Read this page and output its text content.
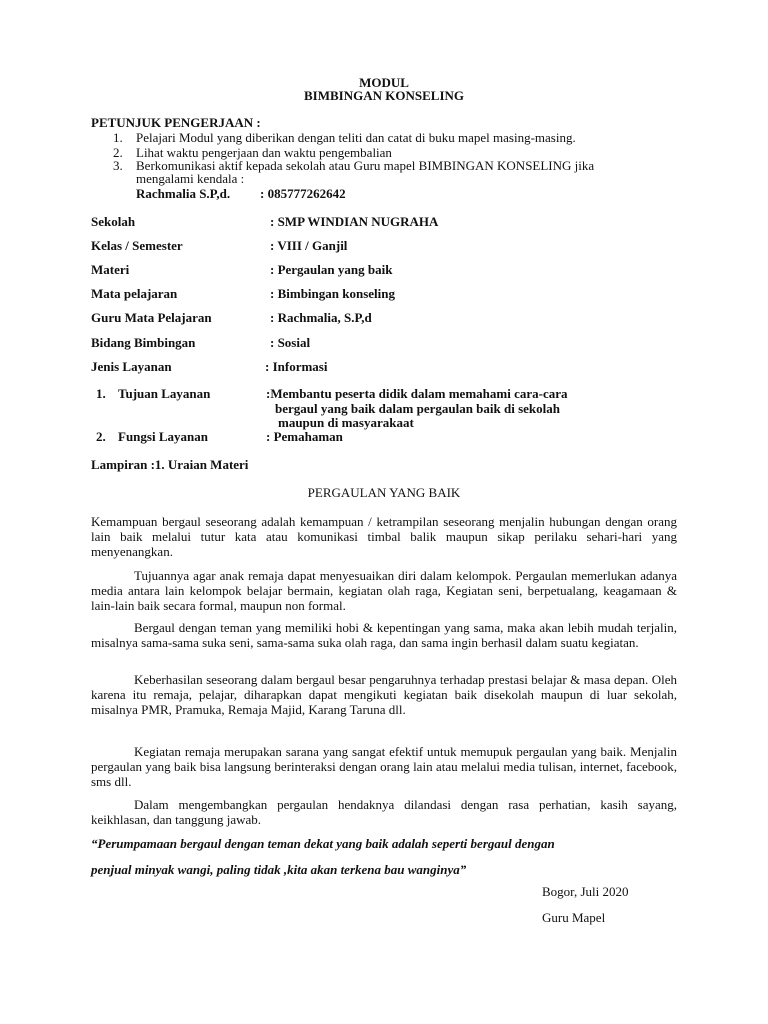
MODUL
BIMBINGAN KONSELING
PETUNJUK PENGERJAAN :
1. Pelajari Modul yang diberikan dengan teliti dan catat di buku mapel masing-masing.
2. Lihat waktu pengerjaan dan waktu pengembalian
3. Berkomunikasi aktif kepada sekolah atau Guru mapel BIMBINGAN KONSELING jika
mengalami kendala :
Rachmalia S.P,d. : 085777262642
Sekolah	: SMP WINDIAN NUGRAHA
Kelas / Semester	: VIII / Ganjil
Materi	: Pergaulan yang baik
Mata pelajaran	: Bimbingan konseling
Guru Mata Pelajaran	: Rachmalia, S.P,d
Bidang Bimbingan	: Sosial
Jenis Layanan	: Informasi
1. Tujuan Layanan	:Membantu peserta didik dalam memahami cara-cara
bergaul yang baik dalam pergaulan baik di sekolah
maupun di masyarakaat
2. Fungsi Layanan	: Pemahaman
Lampiran :1. Uraian Materi
PERGAULAN YANG BAIK
Kemampuan bergaul seseorang adalah kemampuan / ketrampilan seseorang menjalin hubungan dengan orang lain baik melalui tutur kata atau komunikasi timbal balik maupun sikap perilaku sehari-hari yang menyenangkan.
Tujuannya agar anak remaja dapat menyesuaikan diri dalam kelompok. Pergaulan memerlukan adanya media antara lain kelompok belajar bermain, kegiatan olah raga, Kegiatan seni, berpetualang, keagamaan & lain-lain baik secara formal, maupun non formal.
Bergaul dengan teman yang memiliki hobi & kepentingan yang sama, maka akan lebih mudah terjalin, misalnya sama-sama suka seni, sama-sama suka olah raga, dan sama ingin berhasil dalam suatu kegiatan.
Keberhasilan seseorang dalam bergaul besar pengaruhnya terhadap prestasi belajar & masa depan. Oleh karena itu remaja, pelajar, diharapkan dapat mengikuti kegiatan baik disekolah maupun di luar sekolah, misalnya PMR, Pramuka, Remaja Majid, Karang Taruna dll.
Kegiatan remaja merupakan sarana yang sangat efektif untuk memupuk pergaulan yang baik. Menjalin pergaulan yang baik bisa langsung berinteraksi dengan orang lain atau melalui media tulisan, internet, facebook, sms dll.
Dalam mengembangkan pergaulan hendaknya dilandasi dengan rasa perhatian, kasih sayang, keikhlasan, dan tanggung jawab.
“Perumpamaan bergaul dengan teman dekat yang baik adalah seperti bergaul dengan
penjual minyak wangi, paling tidak ,kita akan terkena bau wanginya”
Bogor, Juli 2020
Guru Mapel
